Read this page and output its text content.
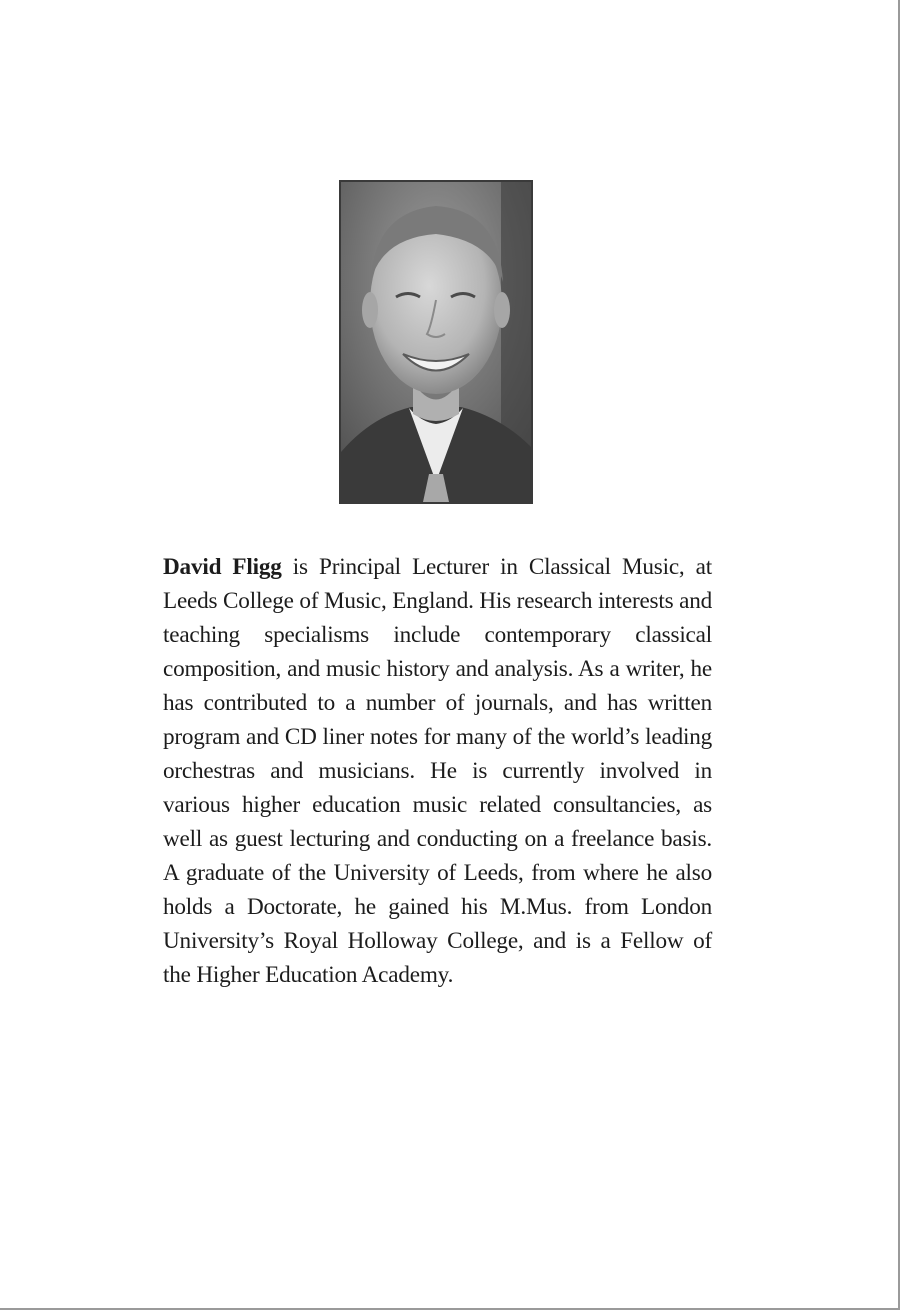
David Fligg is Principal Lecturer in Classical Music, at Leeds College of Music, England. His research interests and teaching specialisms include contemporary classical composition, and music history and analysis. As a writer, he has contributed to a number of journals, and has written program and CD liner notes for many of the world’s leading orchestras and musicians. He is currently involved in various higher education music related consultancies, as well as guest lecturing and conducting on a freelance basis. A graduate of the University of Leeds, from where he also holds a Doctorate, he gained his M.Mus. from London University’s Royal Holloway College, and is a Fellow of the Higher Education Academy.
